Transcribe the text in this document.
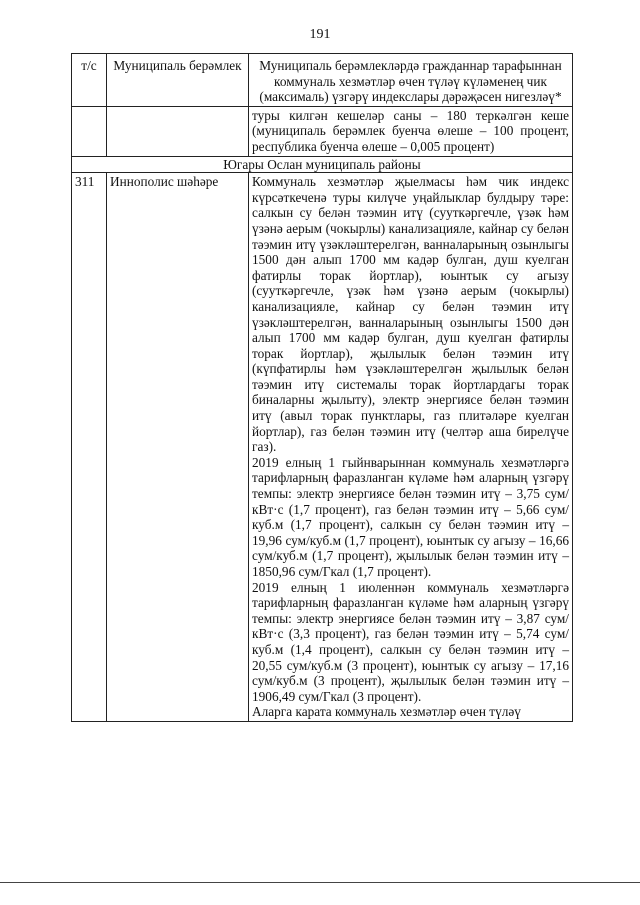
191
т/с	Муниципаль берәмлек	Муниципаль берәмлекләрдә гражданнар тарафыннан коммуналь хезмәтләр өчен түләү күләменең чик (максималь) үзгәрү индекслары дәрәҗәсен нигезләү*
		туры килгән кешеләр саны – 180 теркәлгән кеше (муниципаль берәмлек буенча өлеше – 100 процент, республика буенча өлеше – 0,005 процент)
Югары Ослан муниципаль районы		
311	Иннополис шәһәре	Коммуналь хезмәтләр җыелмасы һәм чик индекс күрсәткеченә туры килүче уңайлыклар булдыру тәре: салкын су белән тәэмин итү (сууткәргечле, үзәк һәм үзәнә аерым (чокырлы) канализацияле, кайнар су белән тәэмин итү үзәкләштерелгән, ванналарының озынлыгы 1500 дән алып 1700 мм кадәр булган, душ куелган фатирлы торак йортлар), юынтык су агызу (сууткәргечле, үзәк һәм үзәнә аерым (чокырлы) канализацияле, кайнар су белән тәэмин итү үзәкләштерелгән, ванналарының озынлыгы 1500 дән алып 1700 мм кадәр булган, душ куелган фатирлы торак йортлар), җылылык белән тәэмин итү (күпфатирлы һәм үзәкләштерелгән җылылык белән тәэмин итү системалы торак йортлардагы торак биналарны җылыту), электр энергиясе белән тәэмин итү (авыл торак пунктлары, газ плитәләре куелган йортлар), газ белән тәэмин итү (челтәр аша бирелүче газ).
2019 елның 1 гыйнварыннан коммуналь хезмәтләргә тарифларның фаразланган күләме һәм аларның үзгәрү темпы: электр энергиясе белән тәэмин итү – 3,75 сум/кВт·с (1,7 процент), газ белән тәэмин итү – 5,66 сум/куб.м (1,7 процент), салкын су белән тәэмин итү – 19,96 сум/куб.м (1,7 процент), юынтык су агызу – 16,66 сум/куб.м (1,7 процент), җылылык белән тәэмин итү – 1850,96 сум/Гкал (1,7 процент).
2019 елның 1 июленнән коммуналь хезмәтләргә тарифларның фаразланган күләме һәм аларның үзгәрү темпы: электр энергиясе белән тәэмин итү – 3,87 сум/кВт·с (3,3 процент), газ белән тәэмин итү – 5,74 сум/куб.м (1,4 процент), салкын су белән тәэмин итү – 20,55 сум/куб.м (3 процент), юынтык су агызу – 17,16 сум/куб.м (3 процент), җылылык белән тәэмин итү – 1906,49 сум/Гкал (3 процент).
Аларга карата коммуналь хезмәтләр өчен түләү
